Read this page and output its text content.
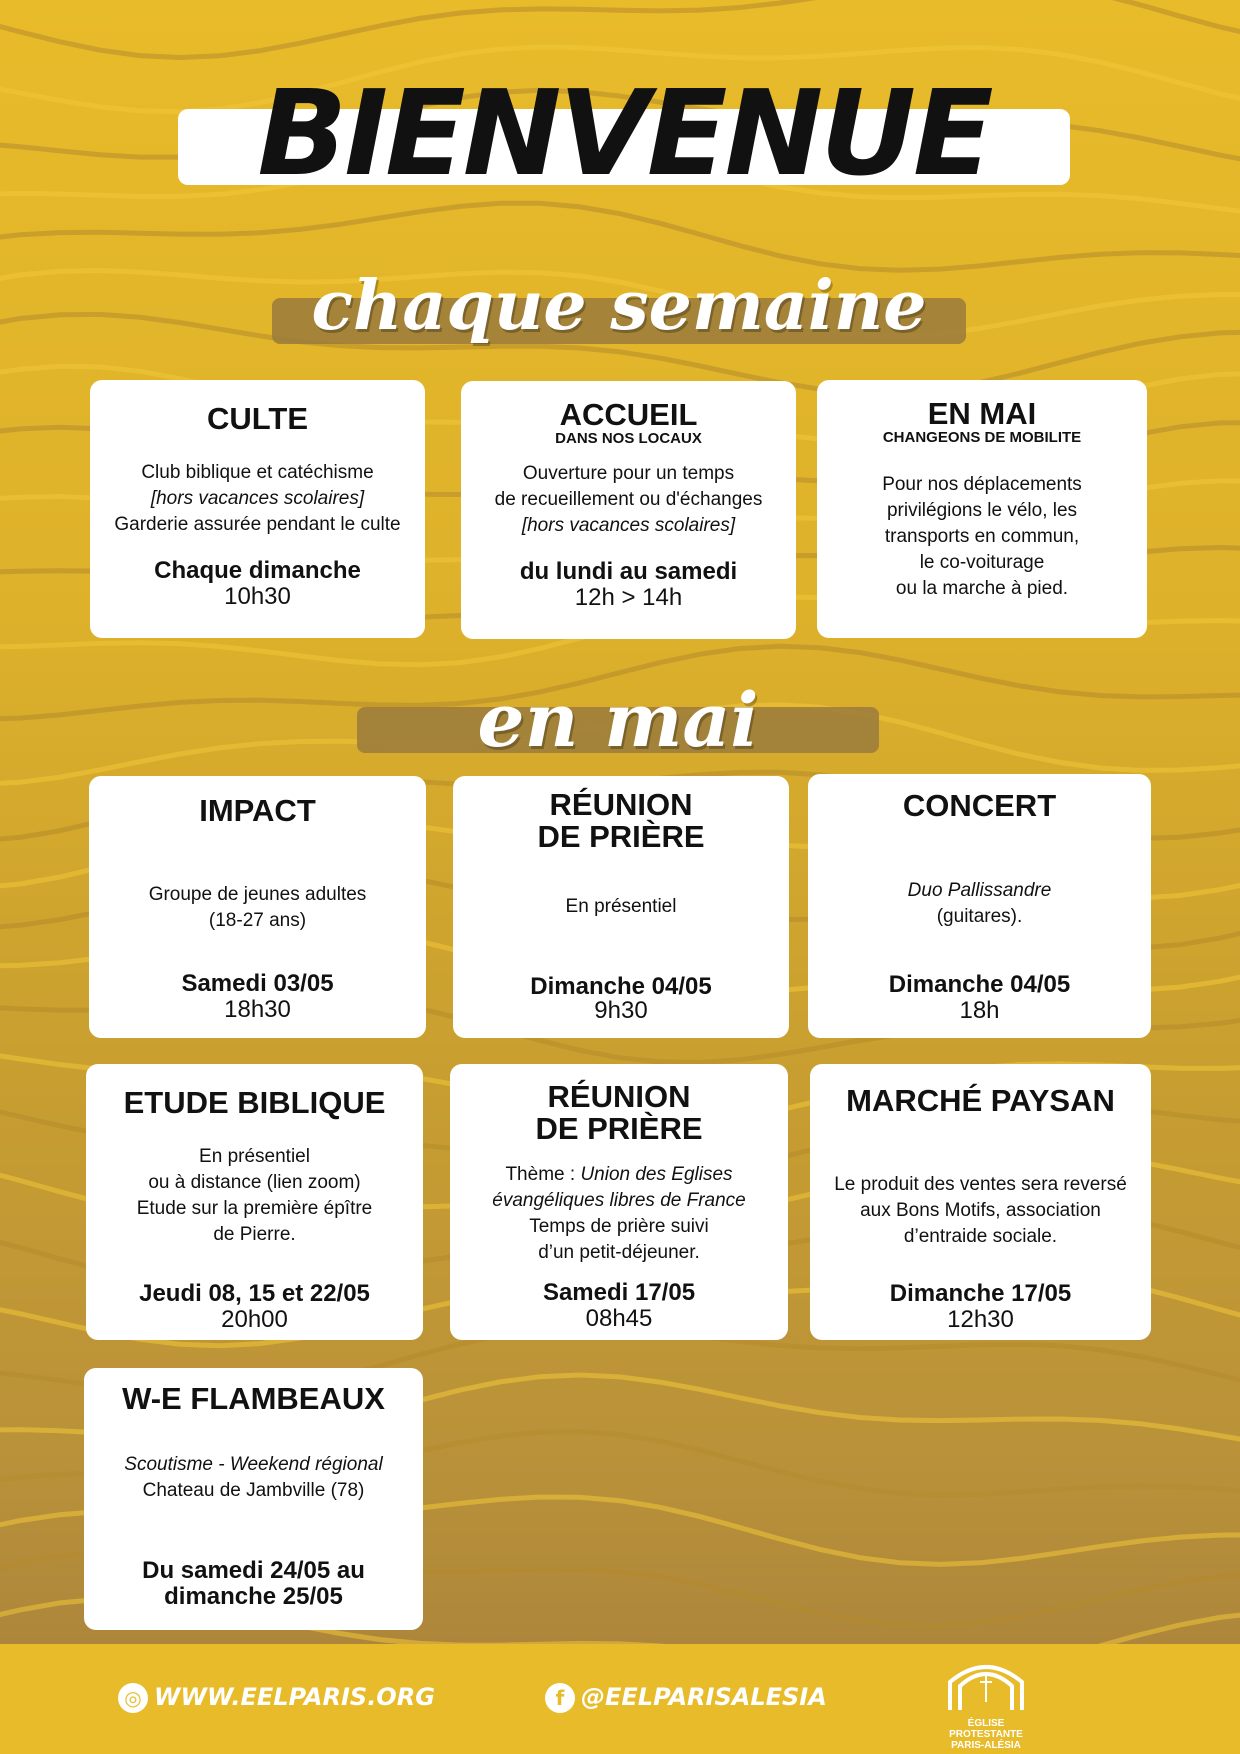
BIENVENUE
chaque semaine
CULTE
Club biblique et catéchisme
[hors vacances scolaires]
Garderie assurée pendant le culte
Chaque dimanche
10h30
ACCUEIL
DANS NOS LOCAUX
Ouverture pour un temps
de recueillement ou d'échanges
[hors vacances scolaires]
du lundi au samedi
12h > 14h
EN MAI
CHANGEONS DE MOBILITE
Pour nos déplacements
privilégions le vélo, les
transports en commun,
le co-voiturage
ou la marche à pied.
en mai
IMPACT
Groupe de jeunes adultes
(18-27 ans)
Samedi 03/05
18h30
RÉUNION
DE PRIÈRE
En présentiel
Dimanche 04/05
9h30
CONCERT
Duo Pallissandre
(guitares).
Dimanche 04/05
18h
ETUDE BIBLIQUE
En présentiel
ou à distance (lien zoom)
Etude sur la première épître
de Pierre.
Jeudi 08, 15 et 22/05
20h00
RÉUNION
DE PRIÈRE
Thème : Union des Eglises
évangéliques libres de France
Temps de prière suivi
d’un petit-déjeuner.
Samedi 17/05
08h45
MARCHÉ PAYSAN
Le produit des ventes sera reversé
aux Bons Motifs, association
d’entraide sociale.
Dimanche 17/05
12h30
W-E FLAMBEAUX
Scoutisme - Weekend régional
Chateau de Jambville (78)
Du samedi 24/05 au
dimanche 25/05
◎ WWW.EELPARIS.ORG	f @EELPARISALESIA
ÉGLISE
PROTESTANTE
PARIS-ALÉSIA
